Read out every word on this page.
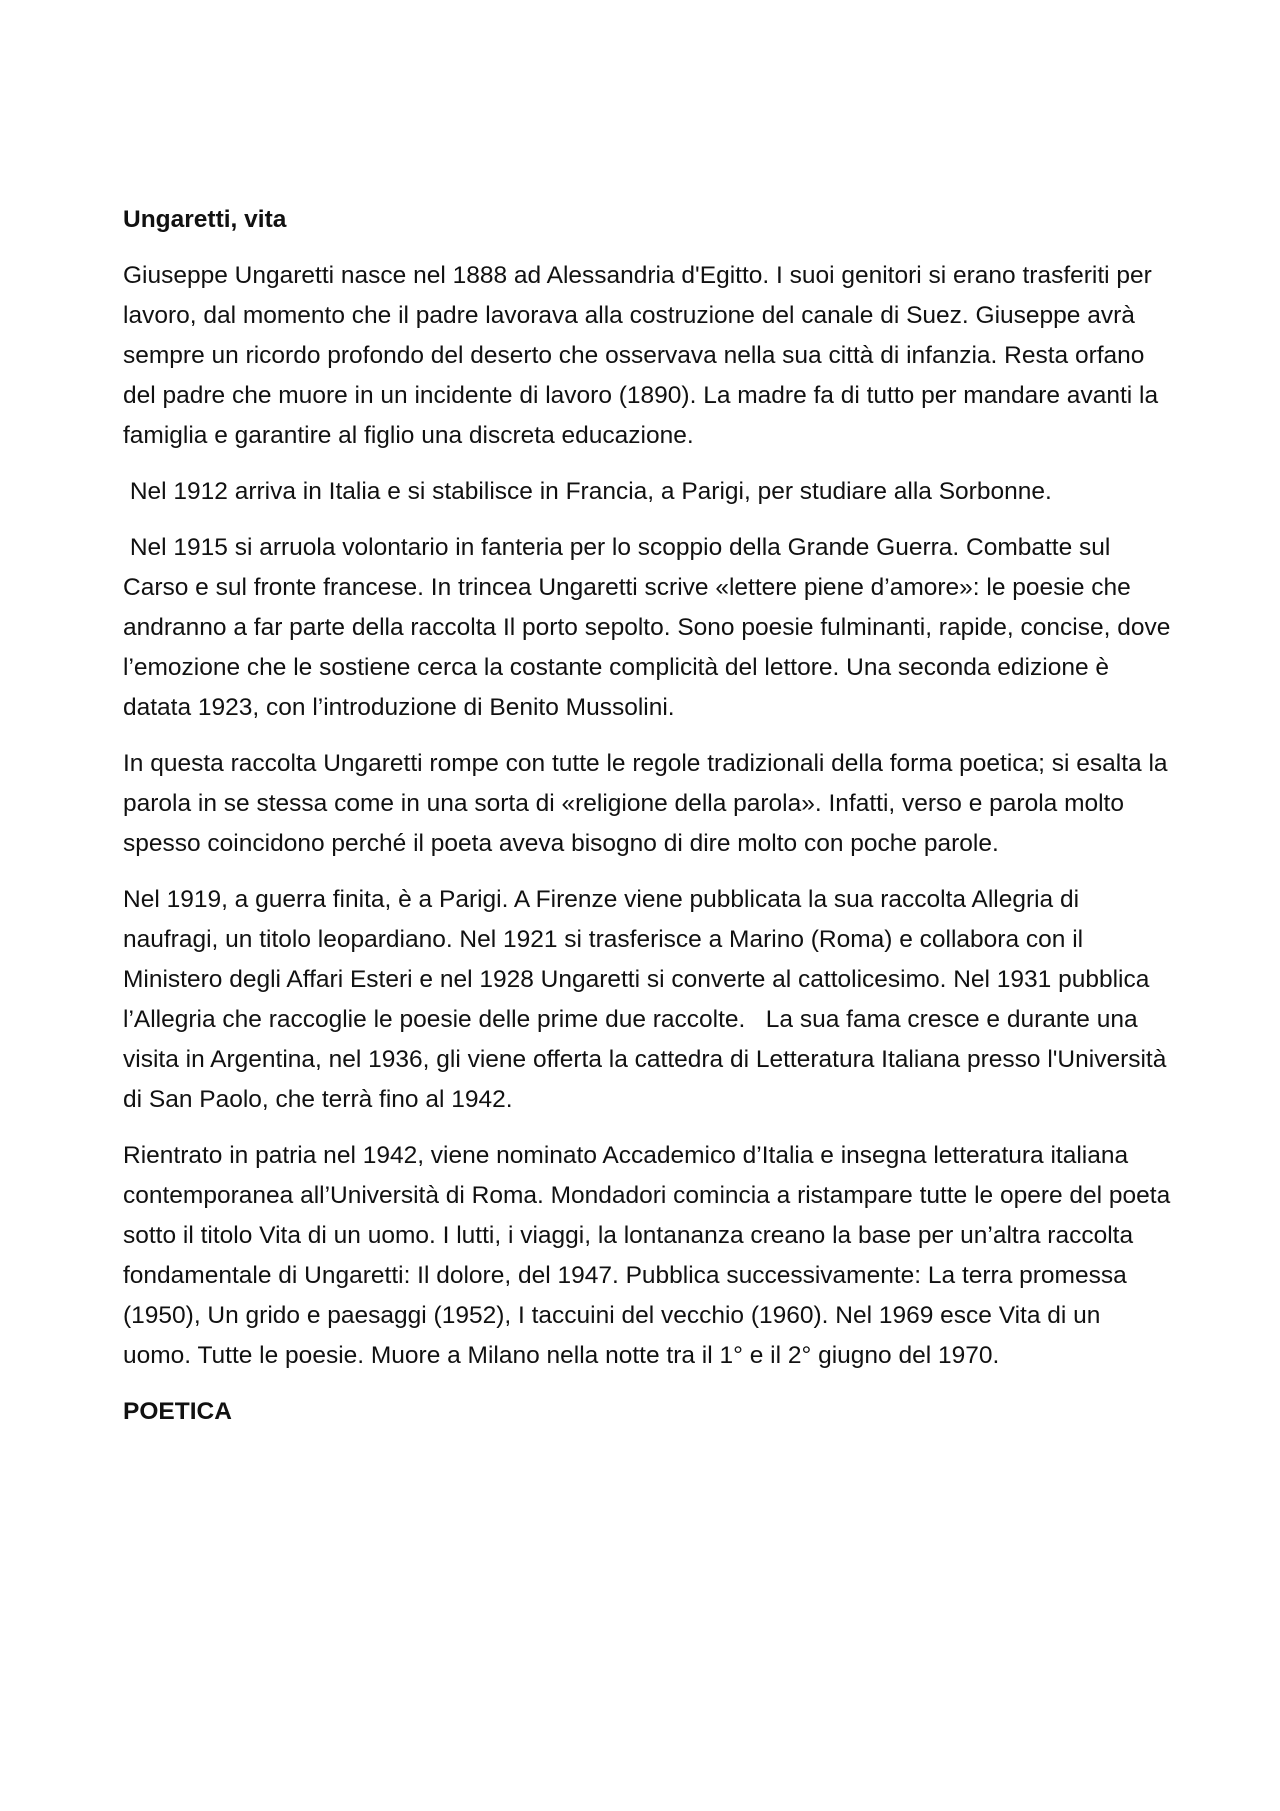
Ungaretti, vita

Giuseppe Ungaretti nasce nel 1888 ad Alessandria d'Egitto. I suoi genitori si erano trasferiti per lavoro, dal momento che il padre lavorava alla costruzione del canale di Suez. Giuseppe avrà sempre un ricordo profondo del deserto che osservava nella sua città di infanzia. Resta orfano del padre che muore in un incidente di lavoro (1890). La madre fa di tutto per mandare avanti la famiglia e garantire al figlio una discreta educazione.

Nel 1912 arriva in Italia e si stabilisce in Francia, a Parigi, per studiare alla Sorbonne.

Nel 1915 si arruola volontario in fanteria per lo scoppio della Grande Guerra. Combatte sul Carso e sul fronte francese. In trincea Ungaretti scrive «lettere piene d’amore»: le poesie che andranno a far parte della raccolta Il porto sepolto. Sono poesie fulminanti, rapide, concise, dove l’emozione che le sostiene cerca la costante complicità del lettore. Una seconda edizione è datata 1923, con l’introduzione di Benito Mussolini.

In questa raccolta Ungaretti rompe con tutte le regole tradizionali della forma poetica; si esalta la parola in se stessa come in una sorta di «religione della parola». Infatti, verso e parola molto spesso coincidono perché il poeta aveva bisogno di dire molto con poche parole.

Nel 1919, a guerra finita, è a Parigi. A Firenze viene pubblicata la sua raccolta Allegria di naufragi, un titolo leopardiano. Nel 1921 si trasferisce a Marino (Roma) e collabora con il Ministero degli Affari Esteri e nel 1928 Ungaretti si converte al cattolicesimo. Nel 1931 pubblica l’Allegria che raccoglie le poesie delle prime due raccolte.   La sua fama cresce e durante una visita in Argentina, nel 1936, gli viene offerta la cattedra di Letteratura Italiana presso l'Università di San Paolo, che terrà fino al 1942.

Rientrato in patria nel 1942, viene nominato Accademico d’Italia e insegna letteratura italiana contemporanea all’Università di Roma. Mondadori comincia a ristampare tutte le opere del poeta sotto il titolo Vita di un uomo. I lutti, i viaggi, la lontananza creano la base per un’altra raccolta fondamentale di Ungaretti: Il dolore, del 1947. Pubblica successivamente: La terra promessa (1950), Un grido e paesaggi (1952), I taccuini del vecchio (1960). Nel 1969 esce Vita di un uomo. Tutte le poesie. Muore a Milano nella notte tra il 1° e il 2° giugno del 1970.

POETICA
